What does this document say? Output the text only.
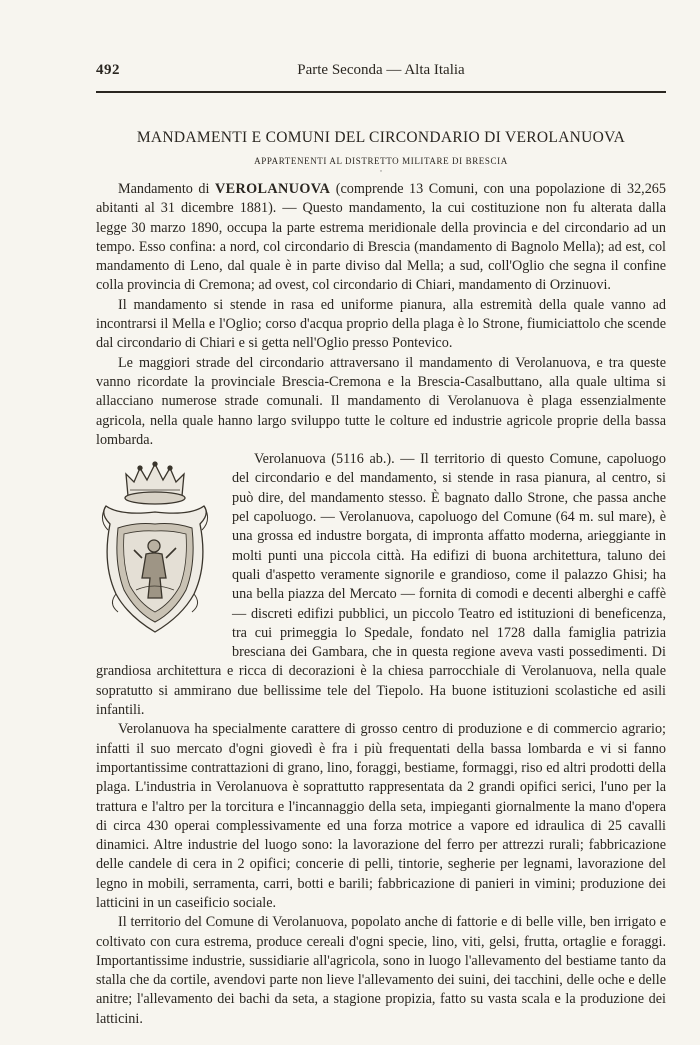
492	Parte Seconda — Alta Italia
MANDAMENTI E COMUNI DEL CIRCONDARIO DI VEROLANUOVA
APPARTENENTI AL DISTRETTO MILITARE DI BRESCIA
·

Mandamento di VEROLANUOVA (comprende 13 Comuni, con una popolazione di 32,265 abitanti al 31 dicembre 1881). — Questo mandamento, la cui costituzione non fu alterata dalla legge 30 marzo 1890, occupa la parte estrema meridionale della provincia e del circondario ad un tempo. Esso confina: a nord, col circondario di Brescia (mandamento di Bagnolo Mella); ad est, col mandamento di Leno, dal quale è in parte diviso dal Mella; a sud, coll'Oglio che segna il confine colla provincia di Cremona; ad ovest, col circondario di Chiari, mandamento di Orzinuovi.

Il mandamento si stende in rasa ed uniforme pianura, alla estremità della quale vanno ad incontrarsi il Mella e l'Oglio; corso d'acqua proprio della plaga è lo Strone, fiumiciattolo che scende dal circondario di Chiari e si getta nell'Oglio presso Pontevico.

Le maggiori strade del circondario attraversano il mandamento di Verolanuova, e tra queste vanno ricordate la provinciale Brescia-Cremona e la Brescia-Casalbuttano, alla quale ultima si allacciano numerose strade comunali. Il mandamento di Verolanuova è plaga essenzialmente agricola, nella quale hanno largo sviluppo tutte le colture ed industrie agricole proprie della bassa lombarda.

Verolanuova (5116 ab.). — Il territorio di questo Comune, capoluogo del circondario e del mandamento, si stende in rasa pianura, al centro, si può dire, del mandamento stesso. È bagnato dallo Strone, che passa anche pel capoluogo. — Verolanuova, capoluogo del Comune (64 m. sul mare), è una grossa ed industre borgata, di impronta affatto moderna, arieggiante in molti punti una piccola città. Ha edifizi di buona architettura, taluno dei quali d'aspetto veramente signorile e grandioso, come il palazzo Ghisi; ha una bella piazza del Mercato — fornita di comodi e decenti alberghi e caffè — discreti edifizi pubblici, un piccolo Teatro ed istituzioni di beneficenza, tra cui primeggia lo Spedale, fondato nel 1728 dalla famiglia patrizia bresciana dei Gambara, che in questa regione aveva vasti possedimenti. Di grandiosa architettura e ricca di decorazioni è la chiesa parrocchiale di Verolanuova, nella quale sopratutto si ammirano due bellissime tele del Tiepolo. Ha buone istituzioni scolastiche ed asili infantili.

Verolanuova ha specialmente carattere di grosso centro di produzione e di commercio agrario; infatti il suo mercato d'ogni giovedì è fra i più frequentati della bassa lombarda e vi si fanno importantissime contrattazioni di grano, lino, foraggi, bestiame, formaggi, riso ed altri prodotti della plaga. L'industria in Verolanuova è soprattutto rappresentata da 2 grandi opifici serici, l'uno per la trattura e l'altro per la torcitura e l'incannaggio della seta, impieganti giornalmente la mano d'opera di circa 430 operai complessivamente ed una forza motrice a vapore ed idraulica di 25 cavalli dinamici. Altre industrie del luogo sono: la lavorazione del ferro per attrezzi rurali; fabbricazione delle candele di cera in 2 opifici; concerie di pelli, tintorie, segherie per legnami, lavorazione del legno in mobili, serramenta, carri, botti e barili; fabbricazione di panieri in vimini; produzione dei latticini in un caseificio sociale.

Il territorio del Comune di Verolanuova, popolato anche di fattorie e di belle ville, ben irrigato e coltivato con cura estrema, produce cereali d'ogni specie, lino, viti, gelsi, frutta, ortaglie e foraggi. Importantissime industrie, sussidiarie all'agricola, sono in luogo l'allevamento del bestiame tanto da stalla che da cortile, avendovi parte non lieve l'allevamento dei suini, dei tacchini, delle oche e delle anitre; l'allevamento dei bachi da seta, a stagione propizia, fatto su vasta scala e la produzione dei latticini.
